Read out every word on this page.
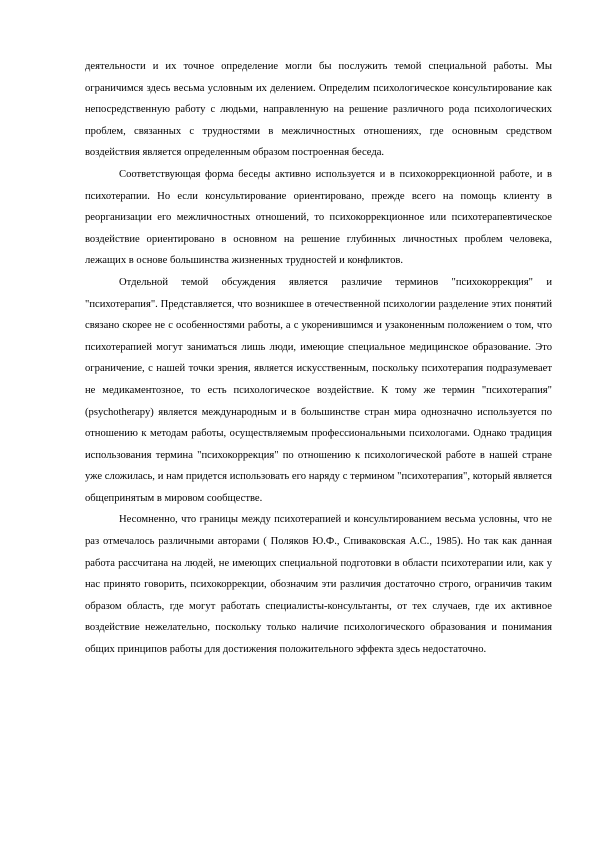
деятельности и их точное определение могли бы послужить темой специальной работы. Мы ограничимся здесь весьма условным их делением. Определим психологическое консультирование как непосредственную работу с людьми, направленную на решение различного рода психологических проблем, связанных с трудностями в межличностных отношениях, где основным средством воздействия является определенным образом построенная беседа.

Соответствующая форма беседы активно используется и в психокоррекционной работе, и в психотерапии. Но если консультирование ориентировано, прежде всего на помощь клиенту в реорганизации его межличностных отношений, то психокоррекционное или психотерапевтическое воздействие ориентировано в основном на решение глубинных личностных проблем человека, лежащих в основе большинства жизненных трудностей и конфликтов.

Отдельной темой обсуждения является различие терминов "психокоррекция" и "психотерапия". Представляется, что возникшее в отечественной психологии разделение этих понятий связано скорее не с особенностями работы, а с укоренившимся и узаконенным положением о том, что психотерапией могут заниматься лишь люди, имеющие специальное медицинское образование. Это ограничение, с нашей точки зрения, является искусственным, поскольку психотерапия подразумевает не медикаментозное, то есть психологическое воздействие. К тому же термин "психотерапия" (psychotherapy) является международным и в большинстве стран мира однозначно используется по отношению к методам работы, осуществляемым профессиональными психологами. Однако традиция использования термина "психокоррекция" по отношению к психологической работе в нашей стране уже сложилась, и нам придется использовать его наряду с термином "психотерапия", который является общепринятым в мировом сообществе.

Несомненно, что границы между психотерапией и консультированием весьма условны, что не раз отмечалось различными авторами ( Поляков Ю.Ф., Спиваковская А.С., 1985). Но так как данная работа рассчитана на людей, не имеющих специальной подготовки в области психотерапии или, как у нас принято говорить, психокоррекции, обозначим эти различия достаточно строго, ограничив таким образом область, где могут работать специалисты-консультанты, от тех случаев, где их активное воздействие нежелательно, поскольку только наличие психологического образования и понимания общих принципов работы для достижения положительного эффекта здесь недостаточно.
